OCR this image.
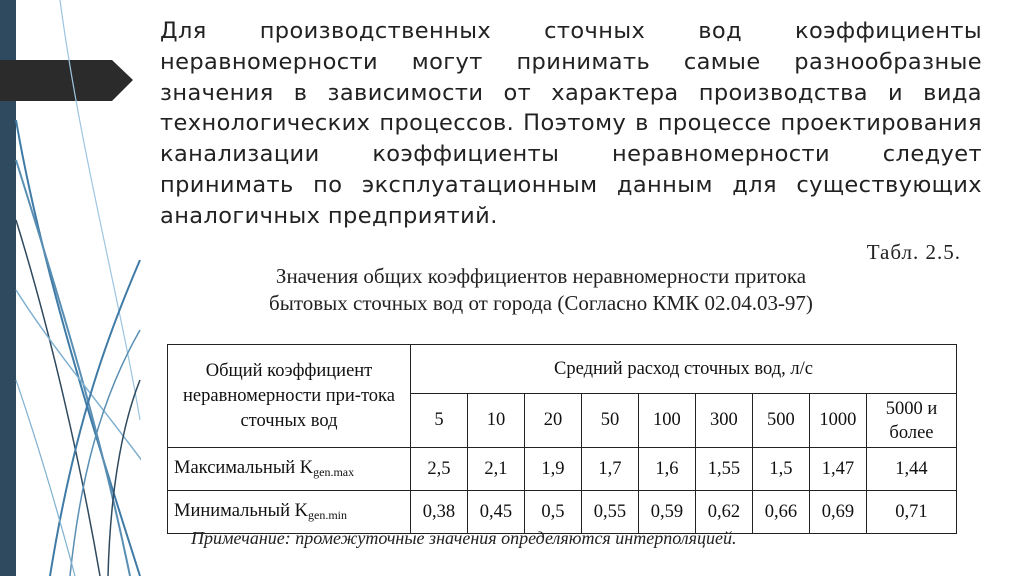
Для производственных сточных вод коэффициенты неравномерности могут принимать самые разнообразные значения в зависимости от характера производства и вида технологических процессов. Поэтому в процессе проектирования канализации коэффициенты неравномерности следует принимать по эксплуатационным данным для существующих аналогичных предприятий.
Табл. 2.5.
Значения общих коэффициентов неравномерности притока
бытовых сточных вод от города (Согласно КМК 02.04.03-97)
Общий коэффициент неравномерности при-тока сточных вод	Средний расход сточных вод, л/с								
	5	10	20	50	100	300	500	1000	5000 и более
Максимальный $K_{gen.max}$	2,5	2,1	1,9	1,7	1,6	1,55	1,5	1,47	1,44
Минимальный $K_{gen.min}$	0,38	0,45	0,5	0,55	0,59	0,62	0,66	0,69	0,71
Примечание: промежуточные значения определяются интерполяцией.
